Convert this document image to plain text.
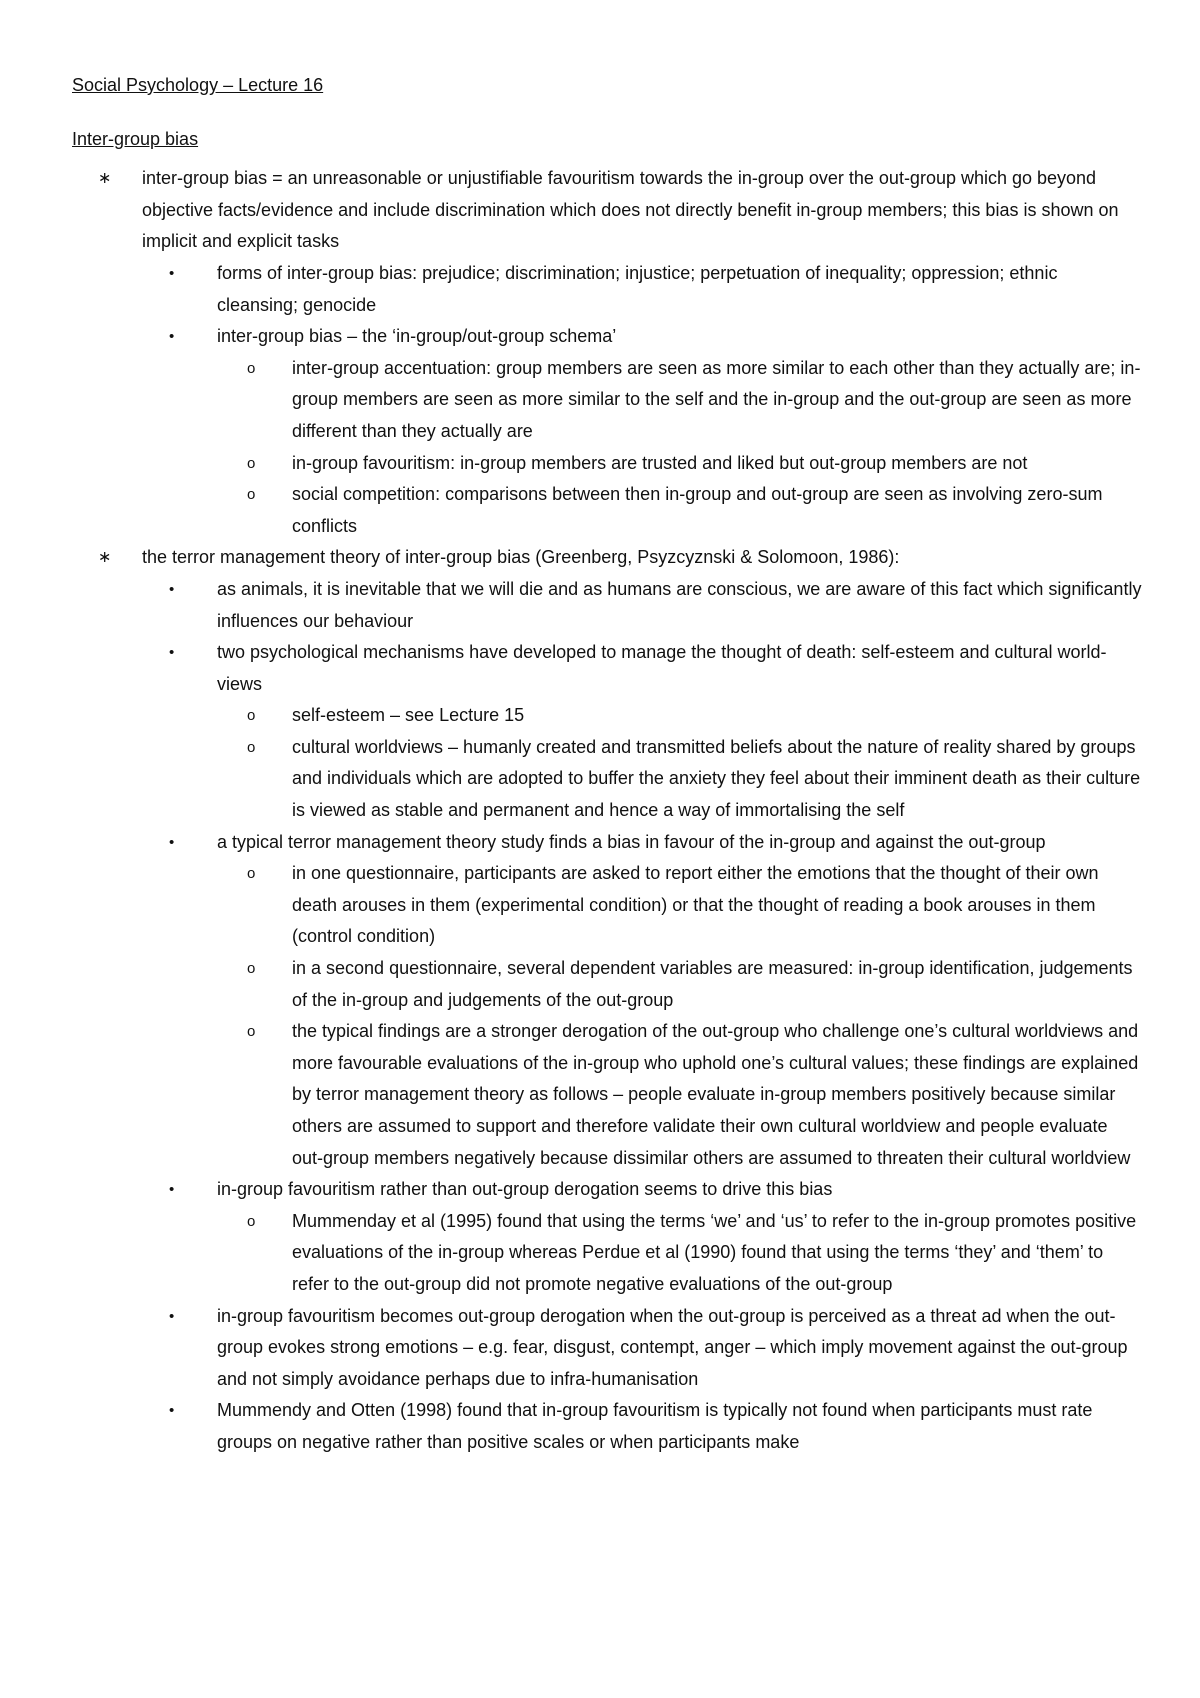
Social Psychology – Lecture 16

Inter-group bias

∗ inter-group bias = an unreasonable or unjustifiable favouritism towards the in-group over the out-group which go beyond objective facts/evidence and include discrimination which does not directly benefit in-group members; this bias is shown on implicit and explicit tasks
• forms of inter-group bias: prejudice; discrimination; injustice; perpetuation of inequality; oppression; ethnic cleansing; genocide
• inter-group bias – the ‘in-group/out-group schema’
o inter-group accentuation: group members are seen as more similar to each other than they actually are; in-group members are seen as more similar to the self and the in-group and the out-group are seen as more different than they actually are
o in-group favouritism: in-group members are trusted and liked but out-group members are not
o social competition: comparisons between then in-group and out-group are seen as involving zero-sum conflicts
∗ the terror management theory of inter-group bias (Greenberg, Psyzcyznski & Solomoon, 1986):
• as animals, it is inevitable that we will die and as humans are conscious, we are aware of this fact which significantly influences our behaviour
• two psychological mechanisms have developed to manage the thought of death: self-esteem and cultural world-views
o self-esteem – see Lecture 15
o cultural worldviews – humanly created and transmitted beliefs about the nature of reality shared by groups and individuals which are adopted to buffer the anxiety they feel about their imminent death as their culture is viewed as stable and permanent and hence a way of immortalising the self
• a typical terror management theory study finds a bias in favour of the in-group and against the out-group
o in one questionnaire, participants are asked to report either the emotions that the thought of their own death arouses in them (experimental condition) or that the thought of reading a book arouses in them (control condition)
o in a second questionnaire, several dependent variables are measured: in-group identification, judgements of the in-group and judgements of the out-group
o the typical findings are a stronger derogation of the out-group who challenge one’s cultural worldviews and more favourable evaluations of the in-group who uphold one’s cultural values; these findings are explained by terror management theory as follows – people evaluate in-group members positively because similar others are assumed to support and therefore validate their own cultural worldview and people evaluate out-group members negatively because dissimilar others are assumed to threaten their cultural worldview
• in-group favouritism rather than out-group derogation seems to drive this bias
o Mummenday et al (1995) found that using the terms ‘we’ and ‘us’ to refer to the in-group promotes positive evaluations of the in-group whereas Perdue et al (1990) found that using the terms ‘they’ and ‘them’ to refer to the out-group did not promote negative evaluations of the out-group
• in-group favouritism becomes out-group derogation when the out-group is perceived as a threat ad when the out-group evokes strong emotions – e.g. fear, disgust, contempt, anger – which imply movement against the out-group and not simply avoidance perhaps due to infra-humanisation
• Mummendy and Otten (1998) found that in-group favouritism is typically not found when participants must rate groups on negative rather than positive scales or when participants make
